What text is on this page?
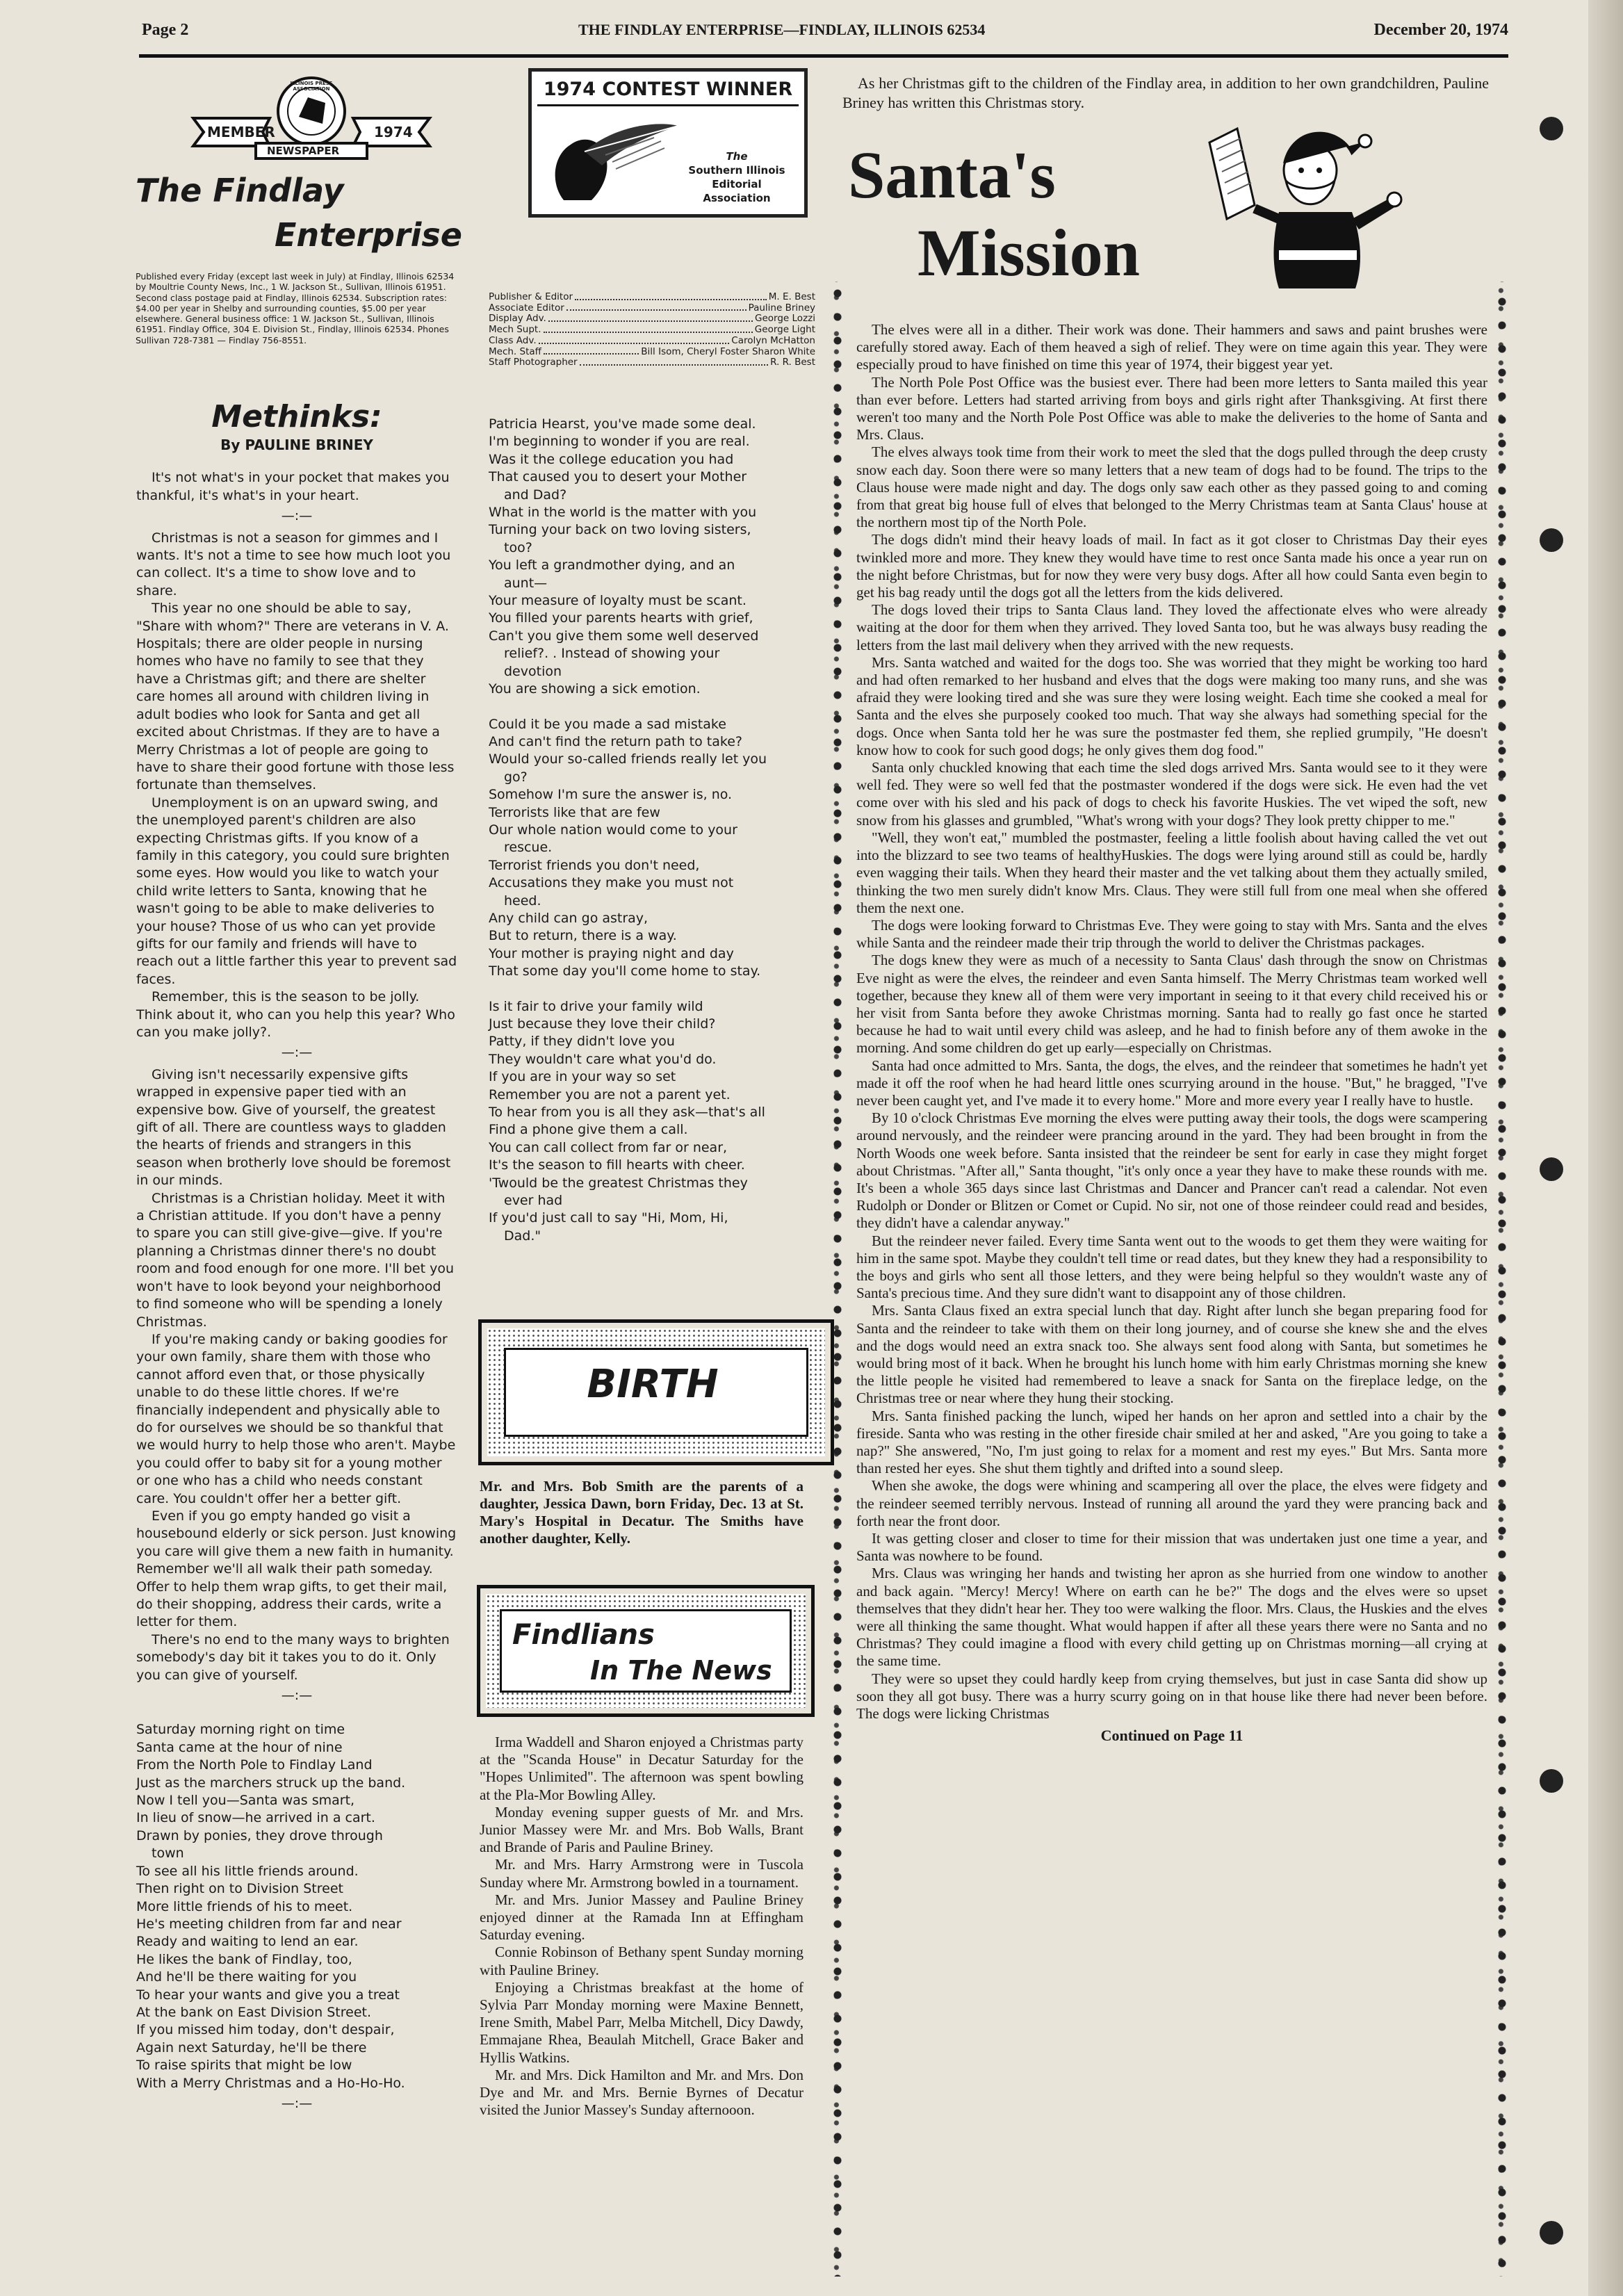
Page 2	THE FINDLAY ENTERPRISE—FINDLAY, ILLINOIS 62534	December 20, 1974
ILLINOIS PRESS ASSOCIATION
MEMBER	1974
NEWSPAPER
The Findlay
Enterprise
Published every Friday (except last week in July) at Findlay, Illinois 62534 by Moultrie County News, Inc., 1 W. Jackson St., Sullivan, Illinois 61951. Second class postage paid at Findlay, Illinois 62534. Subscription rates: $4.00 per year in Shelby and surrounding counties, $5.00 per year elsewhere. General business office: 1 W. Jackson St., Sullivan, Illinois 61951. Findlay Office, 304 E. Division St., Findlay, Illinois 62534. Phones Sullivan 728-7381 — Findlay 756-8551.
1974 CONTEST WINNER
The
Southern Illinois Editorial
Association
Publisher & Editor	M. E. Best
Associate Editor	Pauline Briney
Display Adv.	George Lozzi
Mech Supt.	George Light
Class Adv.	Carolyn McHatton
Mech. Staff	Bill Isom, Cheryl Foster Sharon White
Staff Photographer	R. R. Best
Methinks:
By PAULINE BRINEY

It's not what's in your pocket that makes you thankful, it's what's in your heart.

—:—

Christmas is not a season for gimmes and I wants. It's not a time to see how much loot you can collect. It's a time to show love and to share.

This year no one should be able to say, "Share with whom?" There are veterans in V. A. Hospitals; there are older people in nursing homes who have no family to see that they have a Christmas gift; and there are shelter care homes all around with children living in adult bodies who look for Santa and get all excited about Christmas. If they are to have a Merry Christmas a lot of people are going to have to share their good fortune with those less fortunate than themselves.

Unemployment is on an upward swing, and the unemployed parent's children are also expecting Christmas gifts. If you know of a family in this category, you could sure brighten some eyes. How would you like to watch your child write letters to Santa, knowing that he wasn't going to be able to make deliveries to your house? Those of us who can yet provide gifts for our family and friends will have to reach out a little farther this year to prevent sad faces.

Remember, this is the season to be jolly. Think about it, who can you help this year? Who can you make jolly?.

—:—

Giving isn't necessarily expensive gifts wrapped in expensive paper tied with an expensive bow. Give of yourself, the greatest gift of all. There are countless ways to gladden the hearts of friends and strangers in this season when brotherly love should be foremost in our minds.

Christmas is a Christian holiday. Meet it with a Christian attitude. If you don't have a penny to spare you can still give-give—give. If you're planning a Christmas dinner there's no doubt room and food enough for one more. I'll bet you won't have to look beyond your neighborhood to find someone who will be spending a lonely Christmas.

If you're making candy or baking goodies for your own family, share them with those who cannot afford even that, or those physically unable to do these little chores. If we're financially independent and physically able to do for ourselves we should be so thankful that we would hurry to help those who aren't. Maybe you could offer to baby sit for a young mother or one who has a child who needs constant care. You couldn't offer her a better gift.

Even if you go empty handed go visit a housebound elderly or sick person. Just knowing you care will give them a new faith in humanity. Remember we'll all walk their path someday. Offer to help them wrap gifts, to get their mail, do their shopping, address their cards, write a letter for them.

There's no end to the many ways to brighten somebody's day bit it takes you to do it. Only you can give of yourself.

—:—
Saturday morning right on time
Santa came at the hour of nine
From the North Pole to Findlay Land
Just as the marchers struck up the band.
Now I tell you—Santa was smart,
In lieu of snow—he arrived in a cart.
Drawn by ponies, they drove through
town
To see all his little friends around.
Then right on to Division Street
More little friends of his to meet.
He's meeting children from far and near
Ready and waiting to lend an ear.
He likes the bank of Findlay, too,
And he'll be there waiting for you
To hear your wants and give you a treat
At the bank on East Division Street.
If you missed him today, don't despair,
Again next Saturday, he'll be there
To raise spirits that might be low
With a Merry Christmas and a Ho-Ho-Ho.
—:—
Patricia Hearst, you've made some deal.
I'm beginning to wonder if you are real.
Was it the college education you had
That caused you to desert your Mother
and Dad?
What in the world is the matter with you
Turning your back on two loving sisters,
too?
You left a grandmother dying, and an
aunt—
Your measure of loyalty must be scant.
You filled your parents hearts with grief,
Can't you give them some well deserved
relief?. . Instead of showing your
devotion
You are showing a sick emotion.
Could it be you made a sad mistake
And can't find the return path to take?
Would your so-called friends really let you
go?
Somehow I'm sure the answer is, no.
Terrorists like that are few
Our whole nation would come to your
rescue.
Terrorist friends you don't need,
Accusations they make you must not
heed.
Any child can go astray,
But to return, there is a way.
Your mother is praying night and day
That some day you'll come home to stay.
Is it fair to drive your family wild
Just because they love their child?
Patty, if they didn't love you
They wouldn't care what you'd do.
If you are in your way so set
Remember you are not a parent yet.
To hear from you is all they ask—that's all
Find a phone give them a call.
You can call collect from far or near,
It's the season to fill hearts with cheer.
'Twould be the greatest Christmas they
ever had
If you'd just call to say "Hi, Mom, Hi,
Dad."
BIRTH
Mr. and Mrs. Bob Smith are the parents of a daughter, Jessica Dawn, born Friday, Dec. 13 at St. Mary's Hospital in Decatur. The Smiths have another daughter, Kelly.
Findlians
In The News

Irma Waddell and Sharon enjoyed a Christmas party at the "Scanda House" in Decatur Saturday for the "Hopes Unlimited". The afternoon was spent bowling at the Pla-Mor Bowling Alley.

Monday evening supper guests of Mr. and Mrs. Junior Massey were Mr. and Mrs. Bob Walls, Brant and Brande of Paris and Pauline Briney.

Mr. and Mrs. Harry Armstrong were in Tuscola Sunday where Mr. Armstrong bowled in a tournament.

Mr. and Mrs. Junior Massey and Pauline Briney enjoyed dinner at the Ramada Inn at Effingham Saturday evening.

Connie Robinson of Bethany spent Sunday morning with Pauline Briney.

Enjoying a Christmas breakfast at the home of Sylvia Parr Monday morning were Maxine Bennett, Irene Smith, Mabel Parr, Melba Mitchell, Dicy Dawdy, Emmajane Rhea, Beaulah Mitchell, Grace Baker and Hyllis Watkins.

Mr. and Mrs. Dick Hamilton and Mr. and Mrs. Don Dye and Mr. and Mrs. Bernie Byrnes of Decatur visited the Junior Massey's Sunday afternooon.

As her Christmas gift to the children of the Findlay area, in addition to her own grandchildren, Pauline Briney has written this Christmas story.
Santa's
Mission

The elves were all in a dither. Their work was done. Their hammers and saws and paint brushes were carefully stored away. Each of them heaved a sigh of relief. They were on time again this year. They were especially proud to have finished on time this year of 1974, their biggest year yet.

The North Pole Post Office was the busiest ever. There had been more letters to Santa mailed this year than ever before. Letters had started arriving from boys and girls right after Thanksgiving. At first there weren't too many and the North Pole Post Office was able to make the deliveries to the home of Santa and Mrs. Claus.

The elves always took time from their work to meet the sled that the dogs pulled through the deep crusty snow each day. Soon there were so many letters that a new team of dogs had to be found. The trips to the Claus house were made night and day. The dogs only saw each other as they passed going to and coming from that great big house full of elves that belonged to the Merry Christmas team at Santa Claus' house at the northern most tip of the North Pole.

The dogs didn't mind their heavy loads of mail. In fact as it got closer to Christmas Day their eyes twinkled more and more. They knew they would have time to rest once Santa made his once a year run on the night before Christmas, but for now they were very busy dogs. After all how could Santa even begin to get his bag ready until the dogs got all the letters from the kids delivered.

The dogs loved their trips to Santa Claus land. They loved the affectionate elves who were already waiting at the door for them when they arrived. They loved Santa too, but he was always busy reading the letters from the last mail delivery when they arrived with the new requests.

Mrs. Santa watched and waited for the dogs too. She was worried that they might be working too hard and had often remarked to her husband and elves that the dogs were making too many runs, and she was afraid they were looking tired and she was sure they were losing weight. Each time she cooked a meal for Santa and the elves she purposely cooked too much. That way she always had something special for the dogs. Once when Santa told her he was sure the postmaster fed them, she replied grumpily, "He doesn't know how to cook for such good dogs; he only gives them dog food."

Santa only chuckled knowing that each time the sled dogs arrived Mrs. Santa would see to it they were well fed. They were so well fed that the postmaster wondered if the dogs were sick. He even had the vet come over with his sled and his pack of dogs to check his favorite Huskies. The vet wiped the soft, new snow from his glasses and grumbled, "What's wrong with your dogs? They look pretty chipper to me."

"Well, they won't eat," mumbled the postmaster, feeling a little foolish about having called the vet out into the blizzard to see two teams of healthyHuskies. The dogs were lying around still as could be, hardly even wagging their tails. When they heard their master and the vet talking about them they actually smiled, thinking the two men surely didn't know Mrs. Claus. They were still full from one meal when she offered them the next one.

The dogs were looking forward to Christmas Eve. They were going to stay with Mrs. Santa and the elves while Santa and the reindeer made their trip through the world to deliver the Christmas packages.

The dogs knew they were as much of a necessity to Santa Claus' dash through the snow on Christmas Eve night as were the elves, the reindeer and even Santa himself. The Merry Christmas team worked well together, because they knew all of them were very important in seeing to it that every child received his or her visit from Santa before they awoke Christmas morning. Santa had to really go fast once he started because he had to wait until every child was asleep, and he had to finish before any of them awoke in the morning. And some children do get up early—especially on Christmas.

Santa had once admitted to Mrs. Santa, the dogs, the elves, and the reindeer that sometimes he hadn't yet made it off the roof when he had heard little ones scurrying around in the house. "But," he bragged, "I've never been caught yet, and I've made it to every home." More and more every year I really have to hustle.

By 10 o'clock Christmas Eve morning the elves were putting away their tools, the dogs were scampering around nervously, and the reindeer were prancing around in the yard. They had been brought in from the North Woods one week before. Santa insisted that the reindeer be sent for early in case they might forget about Christmas. "After all," Santa thought, "it's only once a year they have to make these rounds with me. It's been a whole 365 days since last Christmas and Dancer and Prancer can't read a calendar. Not even Rudolph or Donder or Blitzen or Comet or Cupid. No sir, not one of those reindeer could read and besides, they didn't have a calendar anyway."

But the reindeer never failed. Every time Santa went out to the woods to get them they were waiting for him in the same spot. Maybe they couldn't tell time or read dates, but they knew they had a responsibility to the boys and girls who sent all those letters, and they were being helpful so they wouldn't waste any of Santa's precious time. And they sure didn't want to disappoint any of those children.

Mrs. Santa Claus fixed an extra special lunch that day. Right after lunch she began preparing food for Santa and the reindeer to take with them on their long journey, and of course she knew she and the elves and the dogs would need an extra snack too. She always sent food along with Santa, but sometimes he would bring most of it back. When he brought his lunch home with him early Christmas morning she knew the little people he visited had remembered to leave a snack for Santa on the fireplace ledge, on the Christmas tree or near where they hung their stocking.

Mrs. Santa finished packing the lunch, wiped her hands on her apron and settled into a chair by the fireside. Santa who was resting in the other fireside chair smiled at her and asked, "Are you going to take a nap?" She answered, "No, I'm just going to relax for a moment and rest my eyes." But Mrs. Santa more than rested her eyes. She shut them tightly and drifted into a sound sleep.

When she awoke, the dogs were whining and scampering all over the place, the elves were fidgety and the reindeer seemed terribly nervous. Instead of running all around the yard they were prancing back and forth near the front door.

It was getting closer and closer to time for their mission that was undertaken just one time a year, and Santa was nowhere to be found.

Mrs. Claus was wringing her hands and twisting her apron as she hurried from one window to another and back again. "Mercy! Mercy! Where on earth can he be?" The dogs and the elves were so upset themselves that they didn't hear her. They too were walking the floor. Mrs. Claus, the Huskies and the elves were all thinking the same thought. What would happen if after all these years there were no Santa and no Christmas? They could imagine a flood with every child getting up on Christmas morning—all crying at the same time.

They were so upset they could hardly keep from crying themselves, but just in case Santa did show up soon they all got busy. There was a hurry scurry going on in that house like there had never been before. The dogs were licking Christmas

Continued on Page 11
